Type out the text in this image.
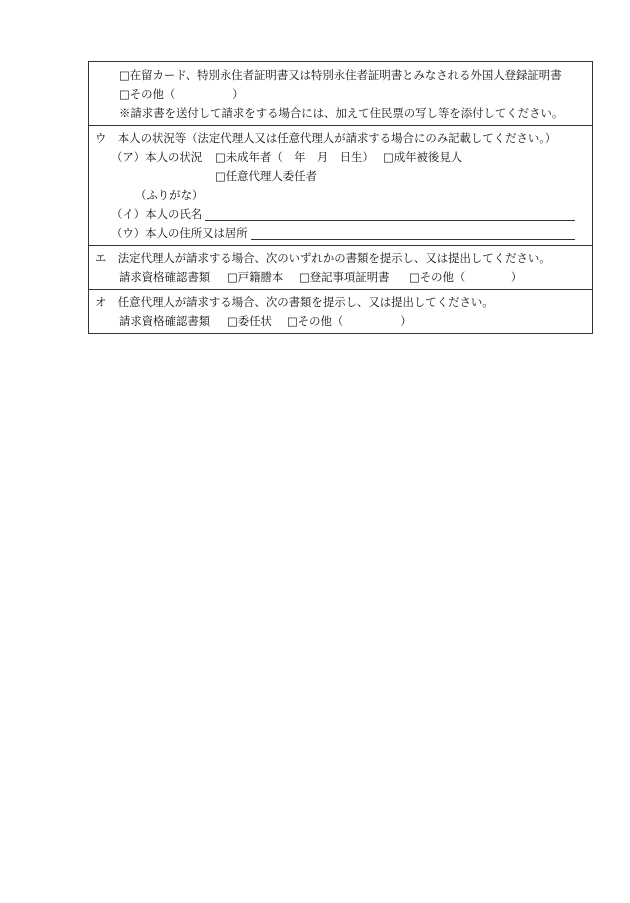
□在留カード、特別永住者証明書又は特別永住者証明書とみなされる外国人登録証明書
□その他（　　　　　）
※請求書を送付して請求をする場合には、加えて住民票の写し等を添付してください。
ウ　本人の状況等（法定代理人又は任意代理人が請求する場合にのみ記載してください。）
（ア）本人の状況 □未成年者（　年　月　日生） □成年被後見人
□任意代理人委任者
（ふりがな）
（イ）本人の氏名
（ウ）本人の住所又は居所
エ　法定代理人が請求する場合、次のいずれかの書類を提示し、又は提出してください。
請求資格確認書類 □戸籍謄本 □登記事項証明書 □その他（　　　　）
オ　任意代理人が請求する場合、次の書類を提示し、又は提出してください。
請求資格確認書類 □委任状 □その他（　　　　　）
